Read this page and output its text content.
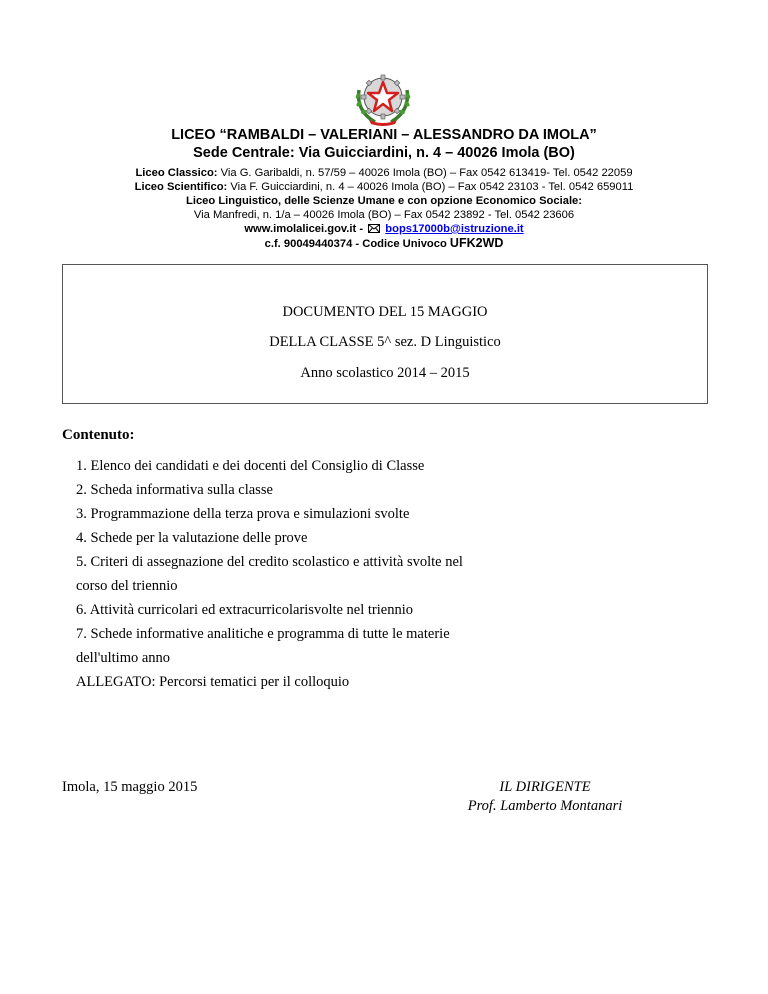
LICEO “RAMBALDI – VALERIANI – ALESSANDRO DA IMOLA”
Sede Centrale: Via Guicciardini, n. 4 – 40026 Imola (BO)
Liceo Classico: Via G. Garibaldi, n. 57/59 – 40026 Imola (BO) – Fax 0542 613419- Tel. 0542 22059
Liceo Scientifico: Via F. Guicciardini, n. 4 – 40026 Imola (BO) – Fax 0542 23103 - Tel. 0542 659011
Liceo Linguistico, delle Scienze Umane e con opzione Economico Sociale:
Via Manfredi, n. 1/a – 40026 Imola (BO) – Fax 0542 23892 - Tel. 0542 23606
www.imolalicei.gov.it -  bops17000b@istruzione.it
c.f. 90049440374 - Codice Univoco UFK2WD
DOCUMENTO DEL 15 MAGGIO
DELLA CLASSE 5^ sez. D Linguistico
Anno scolastico 2014 – 2015
Contenuto:
1. Elenco dei candidati e dei docenti del Consiglio di Classe
2. Scheda informativa sulla classe
3. Programmazione della terza prova e simulazioni svolte
4. Schede per la valutazione delle prove
5. Criteri di assegnazione del credito scolastico e attività svolte nel
corso del triennio
6. Attività curricolari ed extracurricolarisvolte nel triennio
7. Schede informative analitiche e programma di tutte le materie
dell'ultimo anno
ALLEGATO: Percorsi tematici per il colloquio
Imola, 15 maggio 2015	IL DIRIGENTE
Prof. Lamberto Montanari
